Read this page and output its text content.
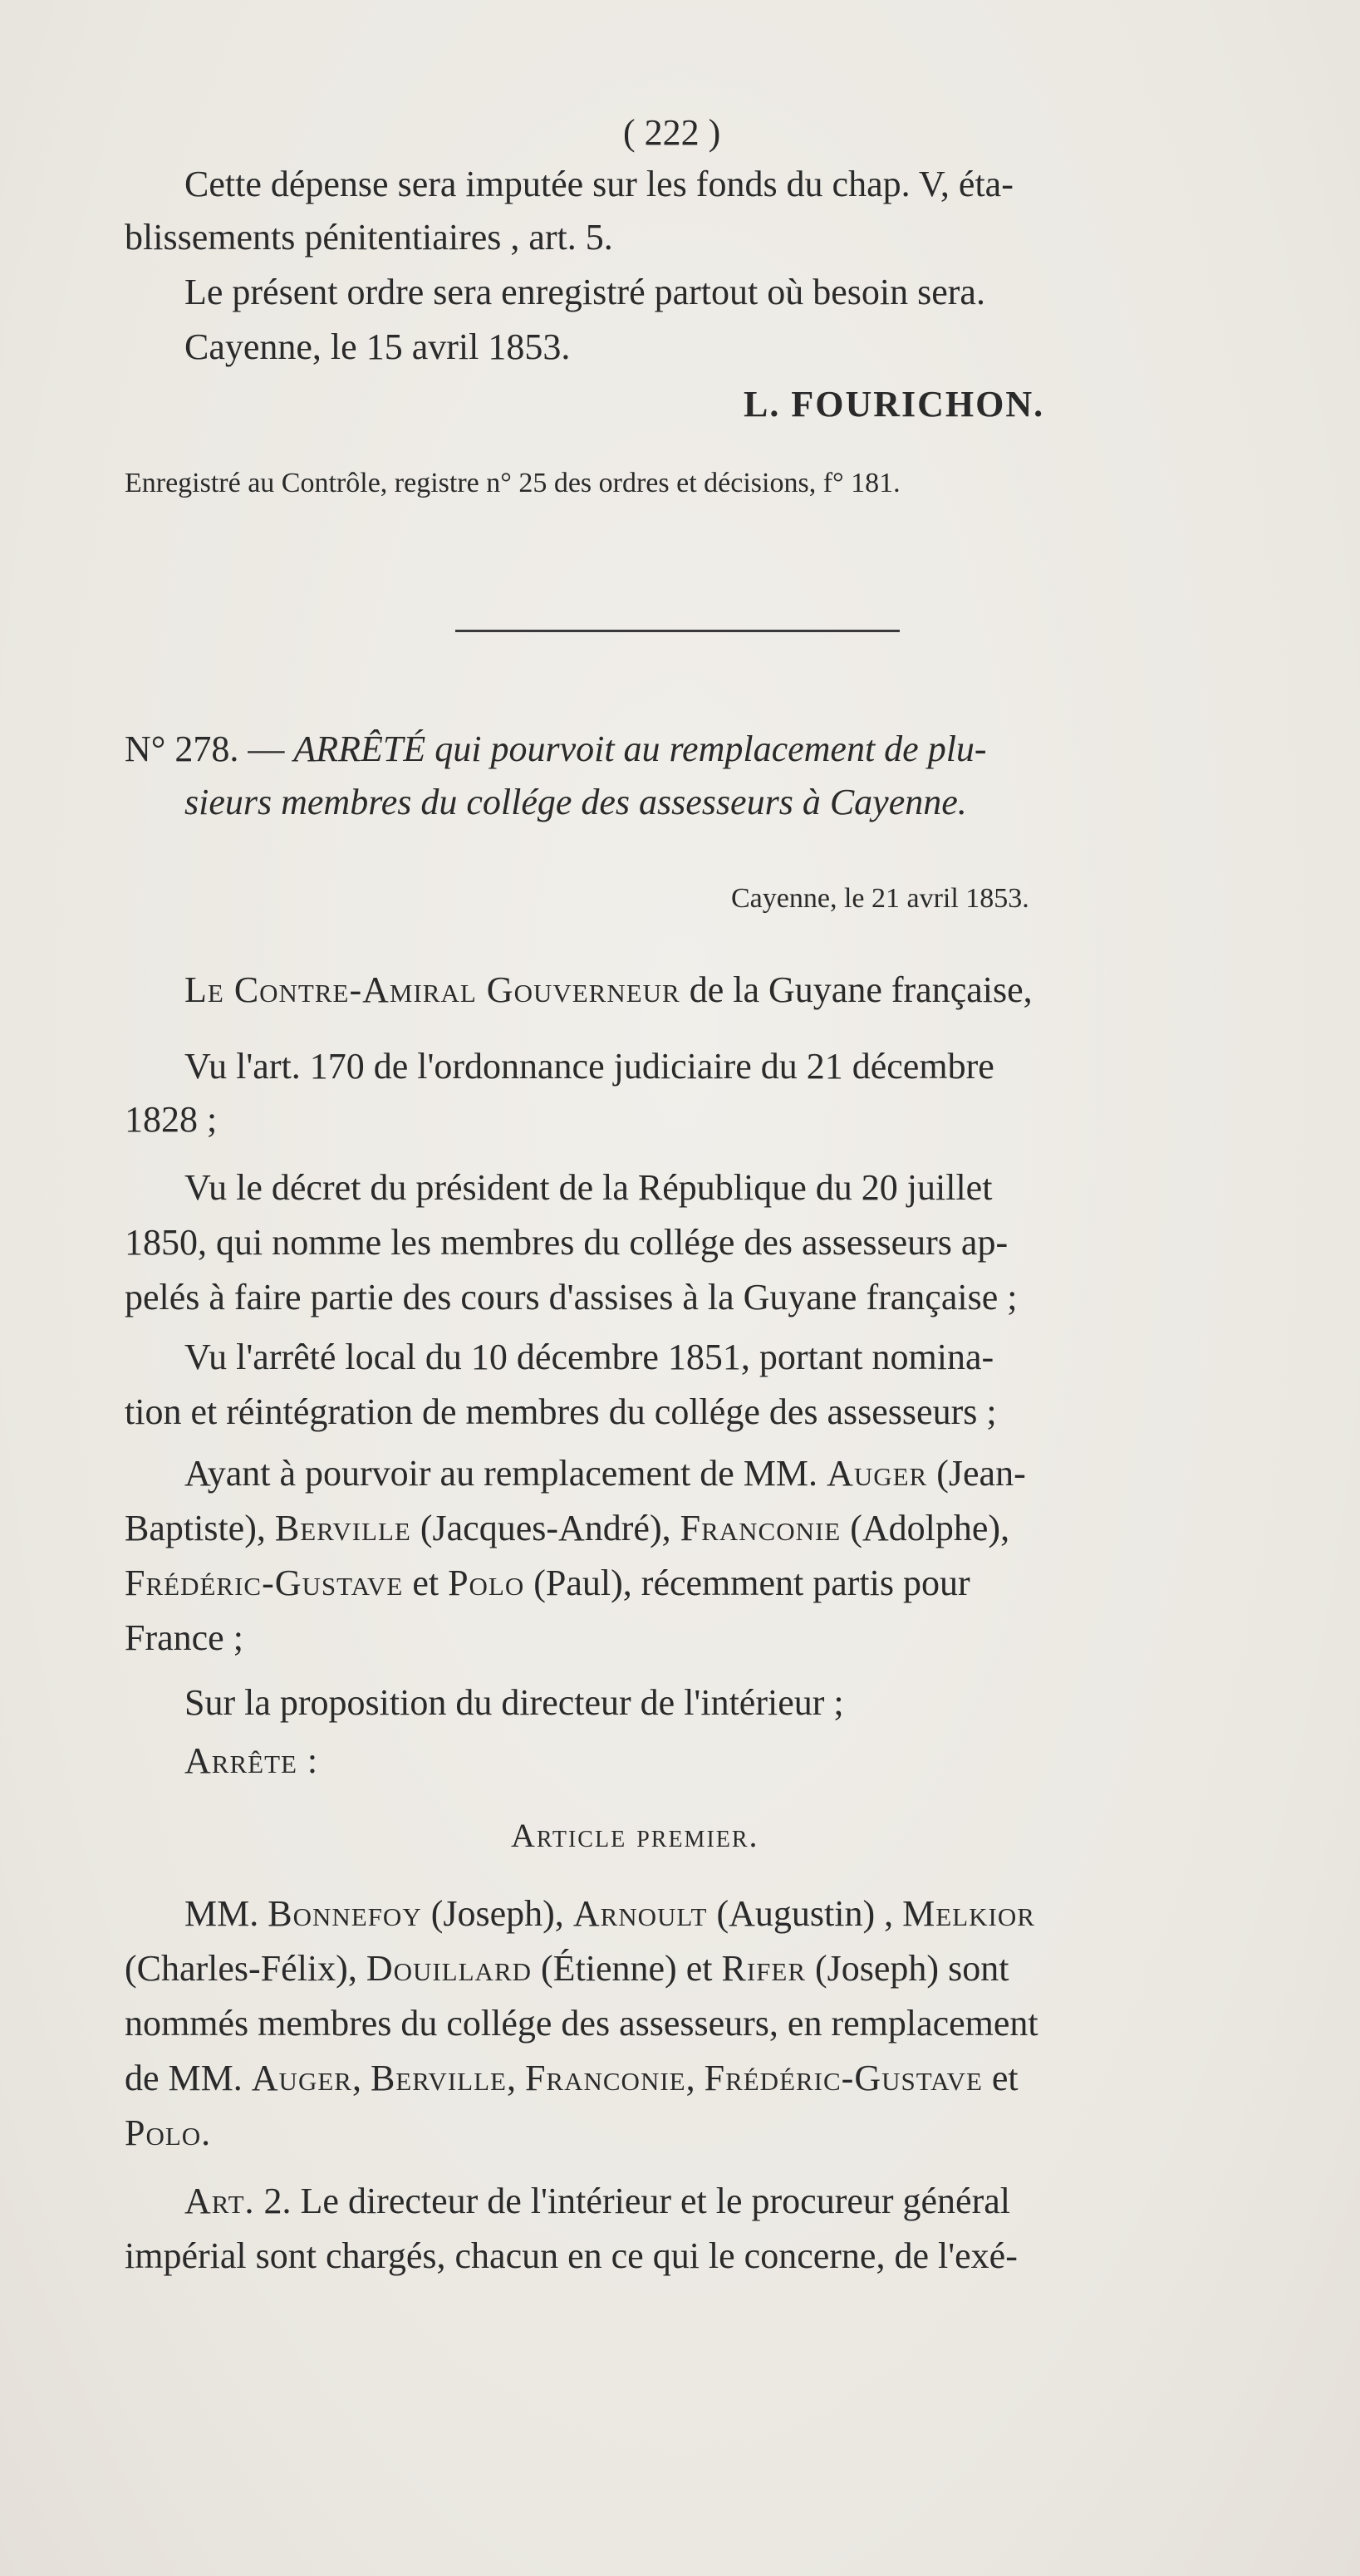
( 222 )
Cette dépense sera imputée sur les fonds du chap. V, éta-
blissements pénitentiaires , art. 5.
Le présent ordre sera enregistré partout où besoin sera.
Cayenne, le 15 avril 1853.
L. FOURICHON.
Enregistré au Contrôle, registre n° 25 des ordres et décisions, f° 181.
N° 278. — ARRÊTÉ qui pourvoit au remplacement de plu-
sieurs membres du collége des assesseurs à Cayenne.
Cayenne, le 21 avril 1853.
Le Contre-Amiral Gouverneur de la Guyane française,
Vu l'art. 170 de l'ordonnance judiciaire du 21 décembre
1828 ;
Vu le décret du président de la République du 20 juillet
1850, qui nomme les membres du collége des assesseurs ap-
pelés à faire partie des cours d'assises à la Guyane française ;
Vu l'arrêté local du 10 décembre 1851, portant nomina-
tion et réintégration de membres du collége des assesseurs ;
Ayant à pourvoir au remplacement de MM. Auger (Jean-
Baptiste), Berville (Jacques-André), Franconie (Adolphe),
Frédéric-Gustave et Polo (Paul), récemment partis pour
France ;
Sur la proposition du directeur de l'intérieur ;
Arrête :
Article premier.
MM. Bonnefoy (Joseph), Arnoult (Augustin) , Melkior
(Charles-Félix), Douillard (Étienne) et Rifer (Joseph) sont
nommés membres du collége des assesseurs, en remplacement
de MM. Auger, Berville, Franconie, Frédéric-Gustave et
Polo.
Art. 2. Le directeur de l'intérieur et le procureur général
impérial sont chargés, chacun en ce qui le concerne, de l'exé-
